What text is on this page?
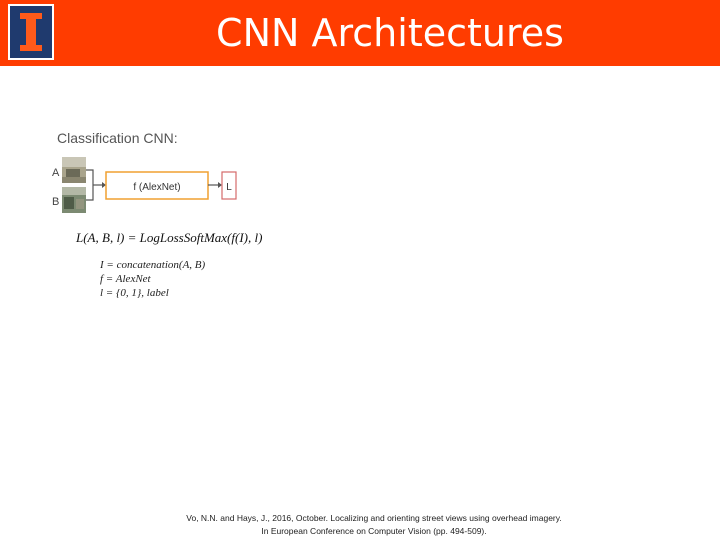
CNN Architectures
Classification CNN:
A
B
f (AlexNet)	L
L(A, B, l) = LogLossSoftMax(f(I), l)
I = concatenation(A, B)
f = AlexNet
l = {0, 1}, label
Vo, N.N. and Hays, J., 2016, October. Localizing and orienting street views using overhead imagery.
In European Conference on Computer Vision (pp. 494-509).
